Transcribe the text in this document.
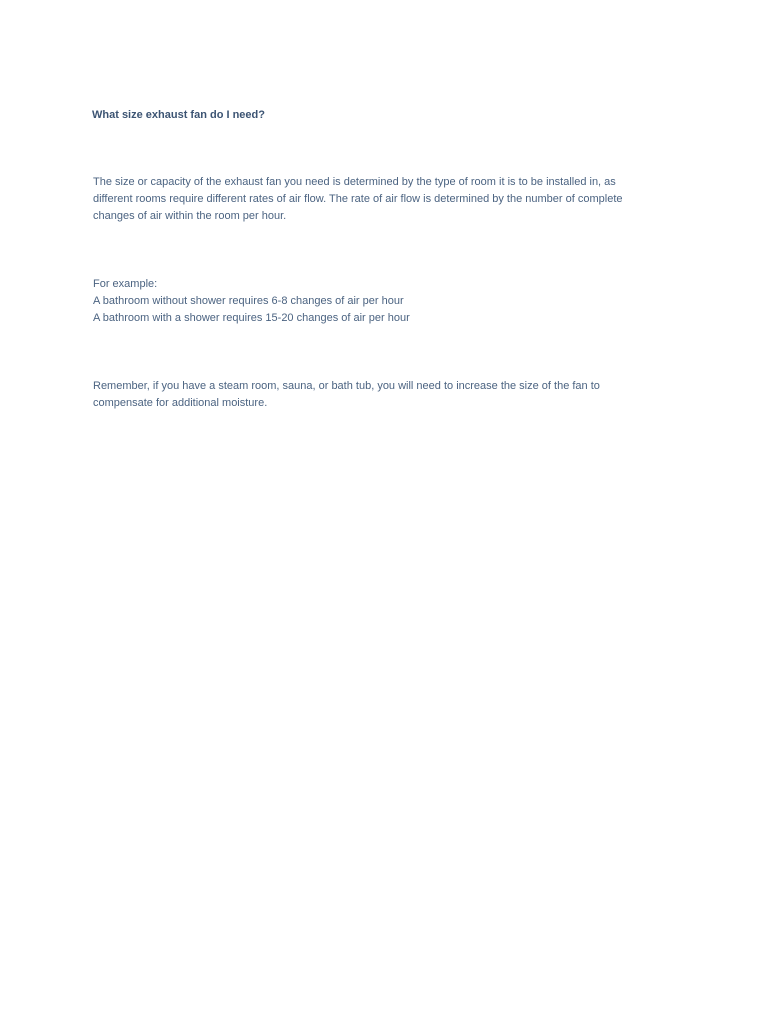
What size exhaust fan do I need?
The size or capacity of the exhaust fan you need is determined by the type of room it is to be installed in, as
different rooms require different rates of air flow. The rate of air flow is determined by the number of complete
changes of air within the room per hour.
For example:
A bathroom without shower requires 6-8 changes of air per hour
A bathroom with a shower requires 15-20 changes of air per hour
Remember, if you have a steam room, sauna, or bath tub, you will need to increase the size of the fan to
compensate for additional moisture.
